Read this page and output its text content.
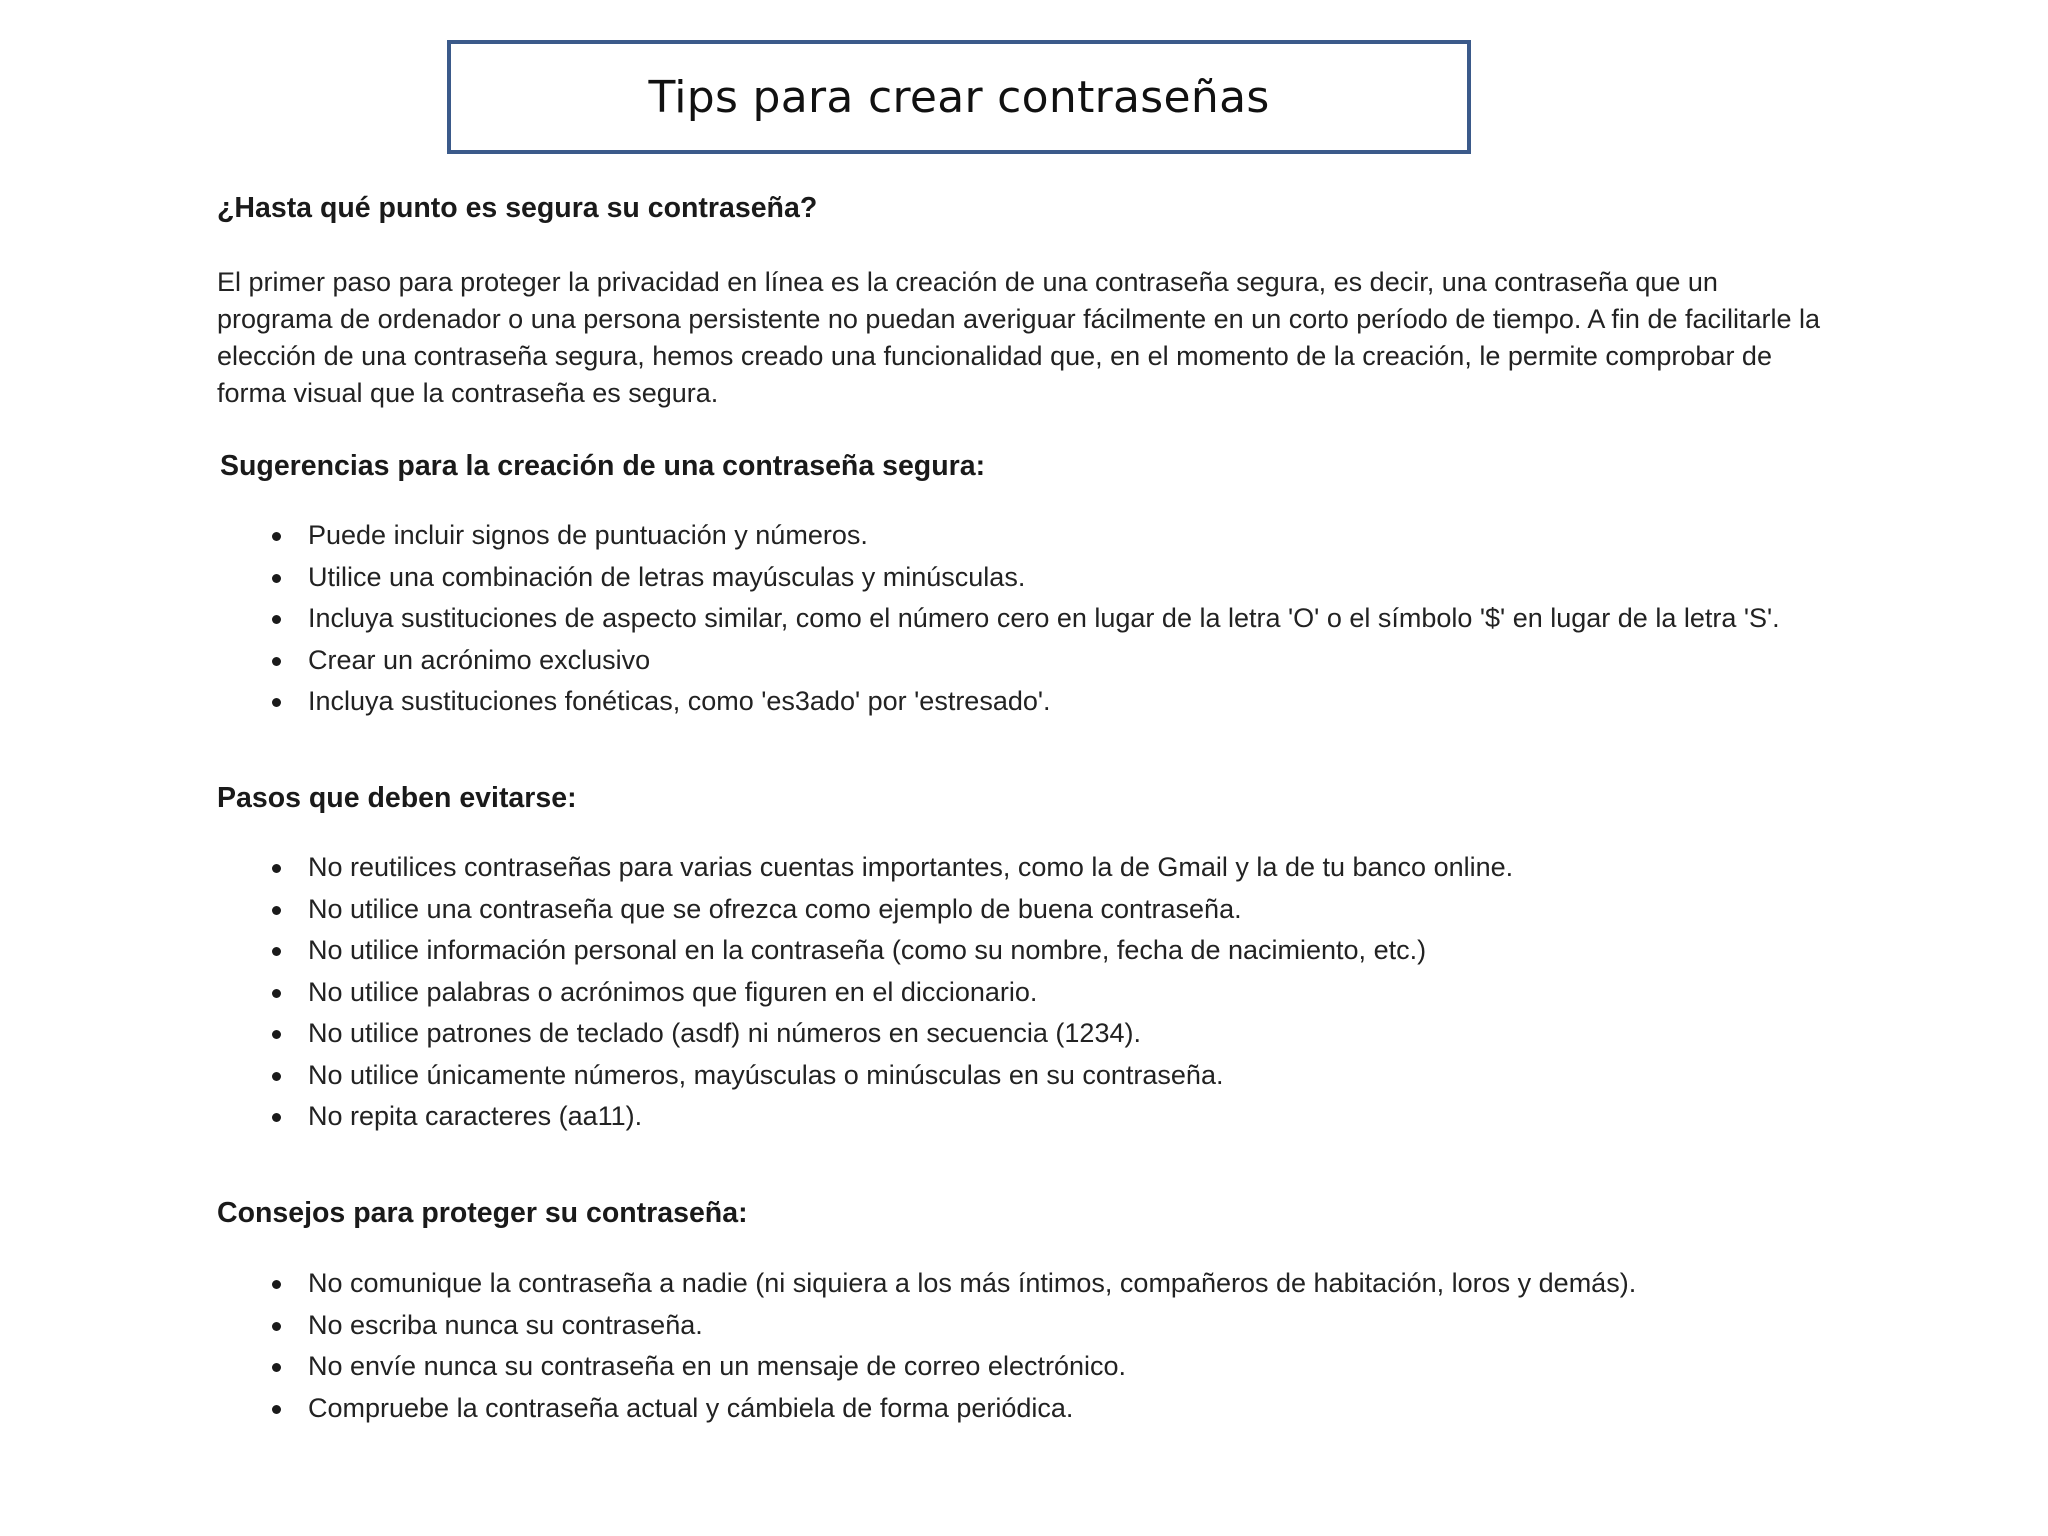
Tips para crear contraseñas
¿Hasta qué punto es segura su contraseña?
El primer paso para proteger la privacidad en línea es la creación de una contraseña segura, es decir, una contraseña que un
programa de ordenador o una persona persistente no puedan averiguar fácilmente en un corto período de tiempo. A fin de facilitarle la
elección de una contraseña segura, hemos creado una funcionalidad que, en el momento de la creación, le permite comprobar de
forma visual que la contraseña es segura.
Sugerencias para la creación de una contraseña segura:
Puede incluir signos de puntuación y números.
Utilice una combinación de letras mayúsculas y minúsculas.
Incluya sustituciones de aspecto similar, como el número cero en lugar de la letra 'O' o el símbolo '$' en lugar de la letra 'S'.
Crear un acrónimo exclusivo
Incluya sustituciones fonéticas, como 'es3ado' por 'estresado'.
Pasos que deben evitarse:
No reutilices contraseñas para varias cuentas importantes, como la de Gmail y la de tu banco online.
No utilice una contraseña que se ofrezca como ejemplo de buena contraseña.
No utilice información personal en la contraseña (como su nombre, fecha de nacimiento, etc.)
No utilice palabras o acrónimos que figuren en el diccionario.
No utilice patrones de teclado (asdf) ni números en secuencia (1234).
No utilice únicamente números, mayúsculas o minúsculas en su contraseña.
No repita caracteres (aa11).
Consejos para proteger su contraseña:
No comunique la contraseña a nadie (ni siquiera a los más íntimos, compañeros de habitación, loros y demás).
No escriba nunca su contraseña.
No envíe nunca su contraseña en un mensaje de correo electrónico.
Compruebe la contraseña actual y cámbiela de forma periódica.
